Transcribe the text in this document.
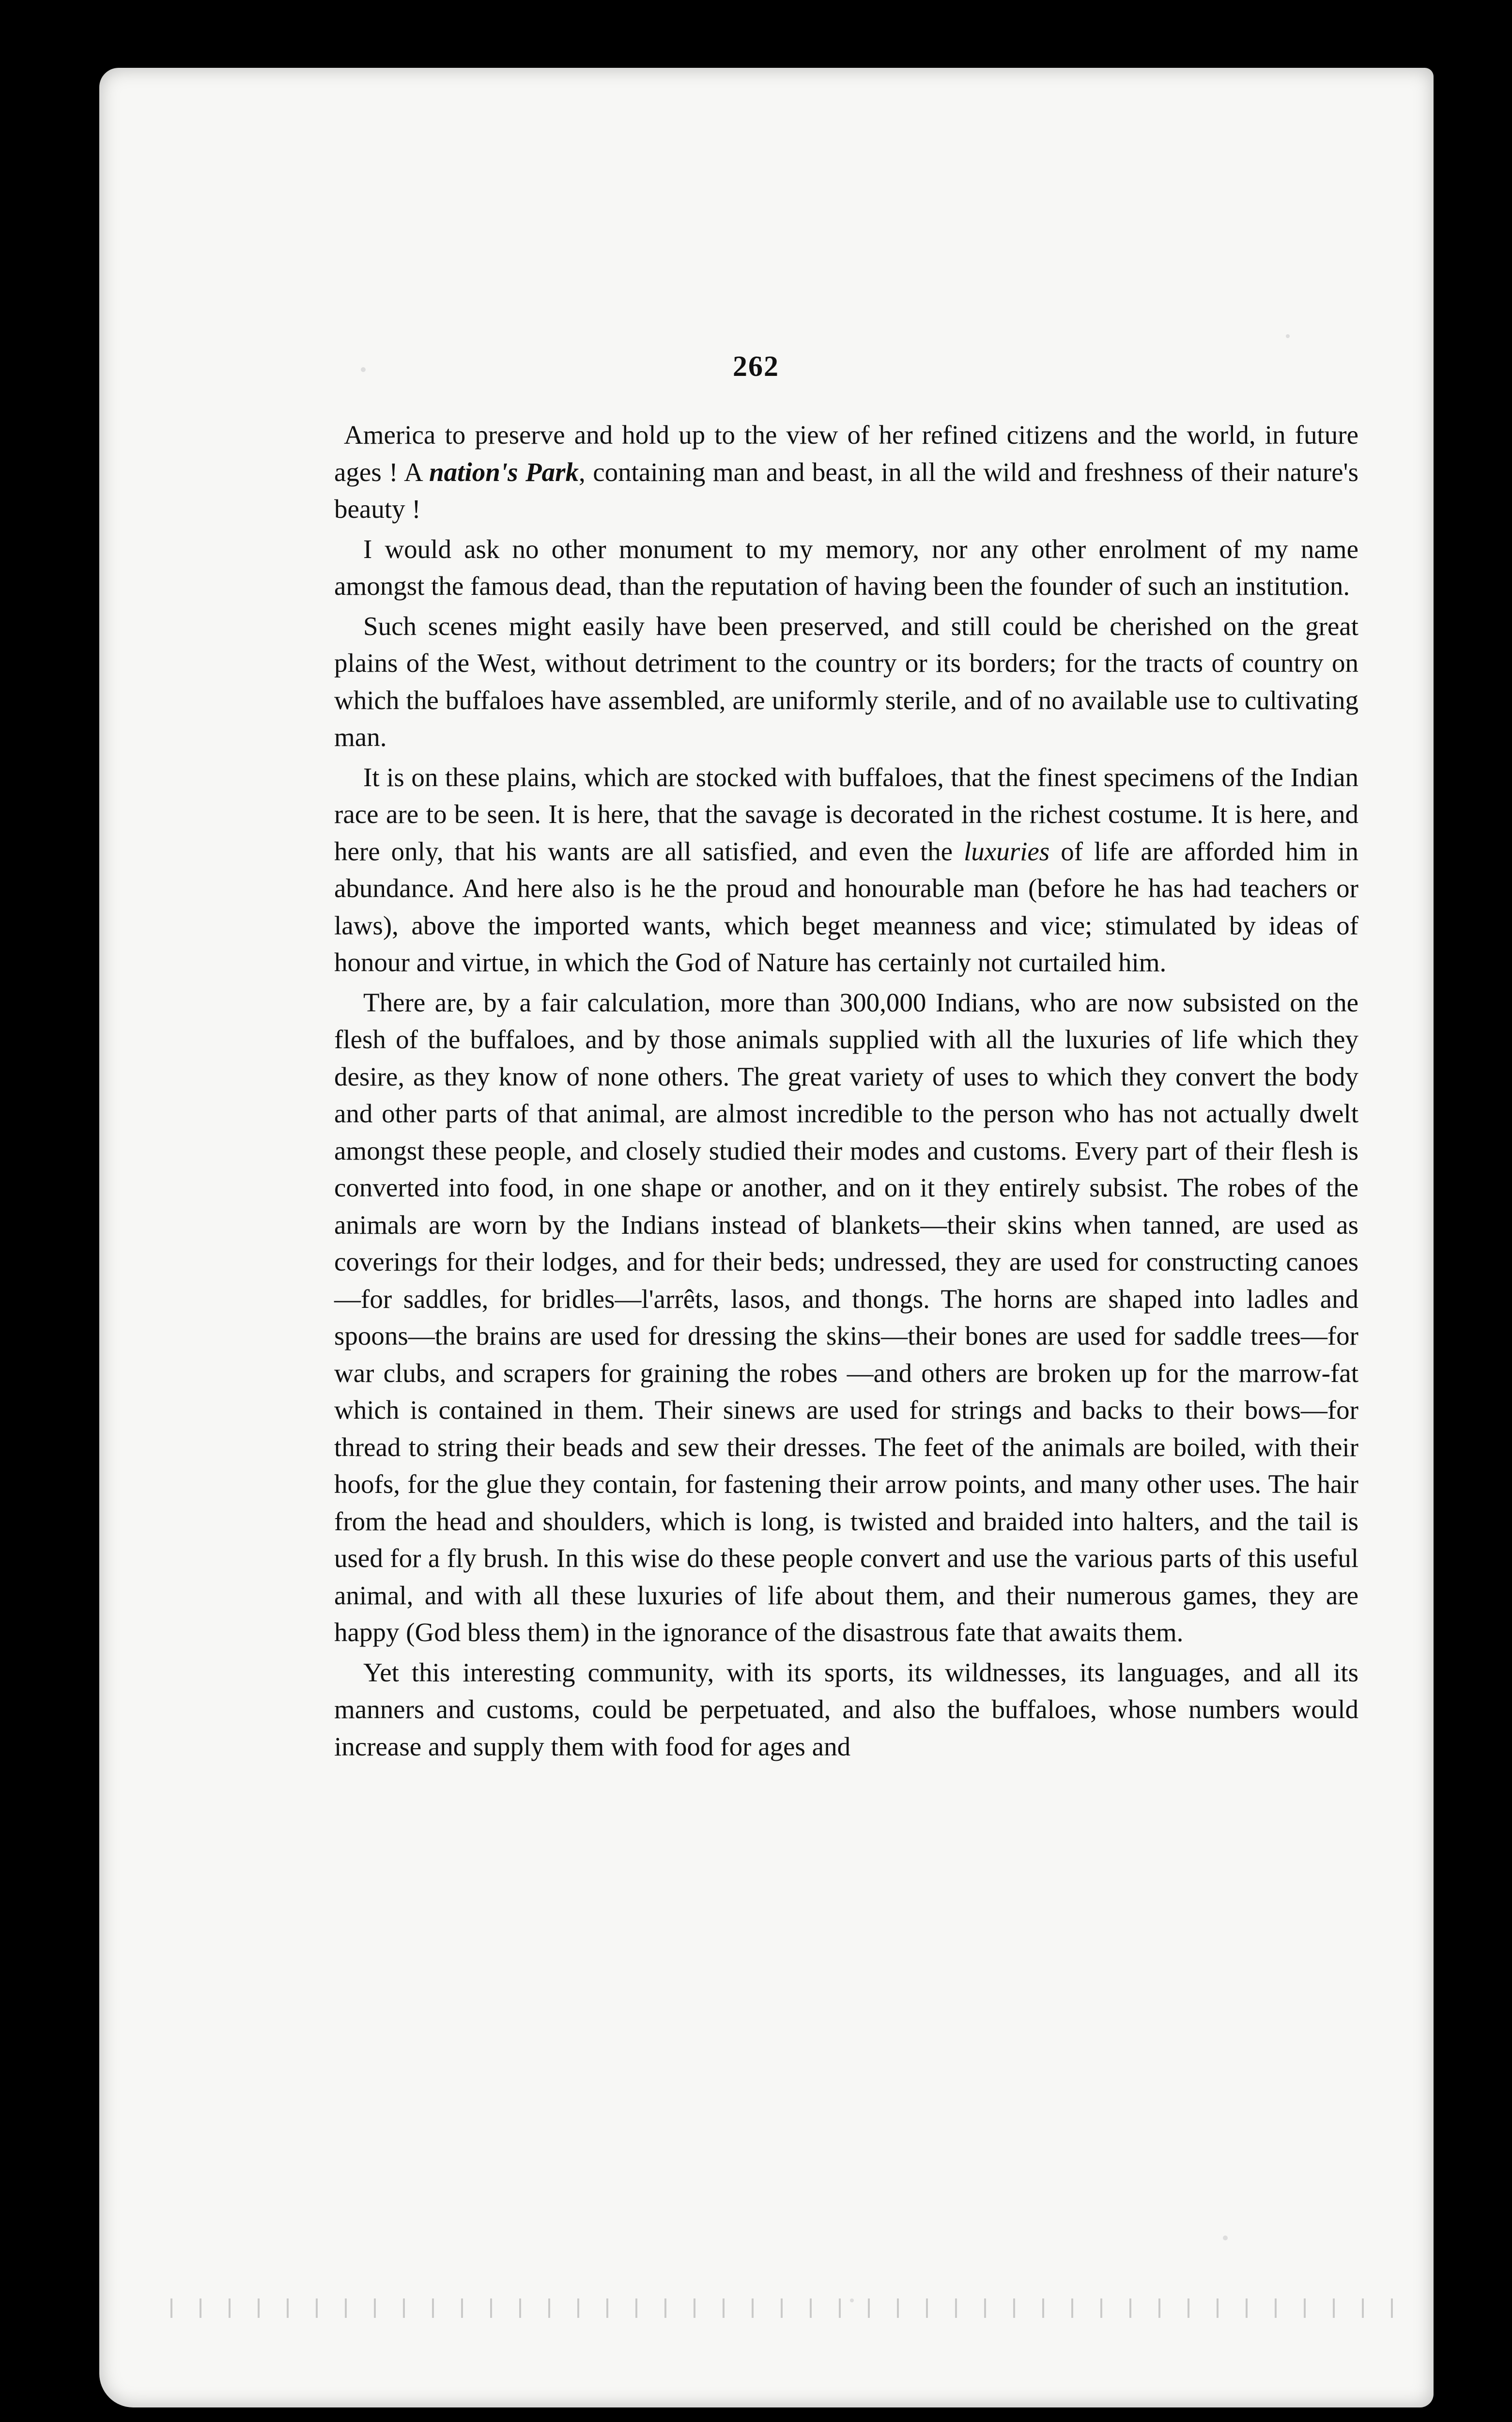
262

America to preserve and hold up to the view of her refined citizens and the world, in future ages ! A nation's Park, containing man and beast, in all the wild and freshness of their nature's beauty !

I would ask no other monument to my memory, nor any other enrolment of my name amongst the famous dead, than the reputation of having been the founder of such an institution.

Such scenes might easily have been preserved, and still could be cherished on the great plains of the West, without detriment to the country or its borders; for the tracts of country on which the buffaloes have assembled, are uniformly sterile, and of no available use to cultivating man.

It is on these plains, which are stocked with buffaloes, that the finest specimens of the Indian race are to be seen. It is here, that the savage is decorated in the richest costume. It is here, and here only, that his wants are all satisfied, and even the luxuries of life are afforded him in abundance. And here also is he the proud and honourable man (before he has had teachers or laws), above the imported wants, which beget meanness and vice; stimulated by ideas of honour and virtue, in which the God of Nature has certainly not curtailed him.

There are, by a fair calculation, more than 300,000 Indians, who are now subsisted on the flesh of the buffaloes, and by those animals supplied with all the luxuries of life which they desire, as they know of none others. The great variety of uses to which they convert the body and other parts of that animal, are almost incredible to the person who has not actually dwelt amongst these people, and closely studied their modes and customs. Every part of their flesh is converted into food, in one shape or another, and on it they entirely subsist. The robes of the animals are worn by the Indians instead of blankets—their skins when tanned, are used as coverings for their lodges, and for their beds; undressed, they are used for constructing canoes—for saddles, for bridles—l'arrêts, lasos, and thongs. The horns are shaped into ladles and spoons—the brains are used for dressing the skins—their bones are used for saddle trees—for war clubs, and scrapers for graining the robes —and others are broken up for the marrow-fat which is contained in them. Their sinews are used for strings and backs to their bows—for thread to string their beads and sew their dresses. The feet of the animals are boiled, with their hoofs, for the glue they contain, for fastening their arrow points, and many other uses. The hair from the head and shoulders, which is long, is twisted and braided into halters, and the tail is used for a fly brush. In this wise do these people convert and use the various parts of this useful animal, and with all these luxuries of life about them, and their numerous games, they are happy (God bless them) in the ignorance of the disastrous fate that awaits them.

Yet this interesting community, with its sports, its wildnesses, its languages, and all its manners and customs, could be perpetuated, and also the buffaloes, whose numbers would increase and supply them with food for ages and
